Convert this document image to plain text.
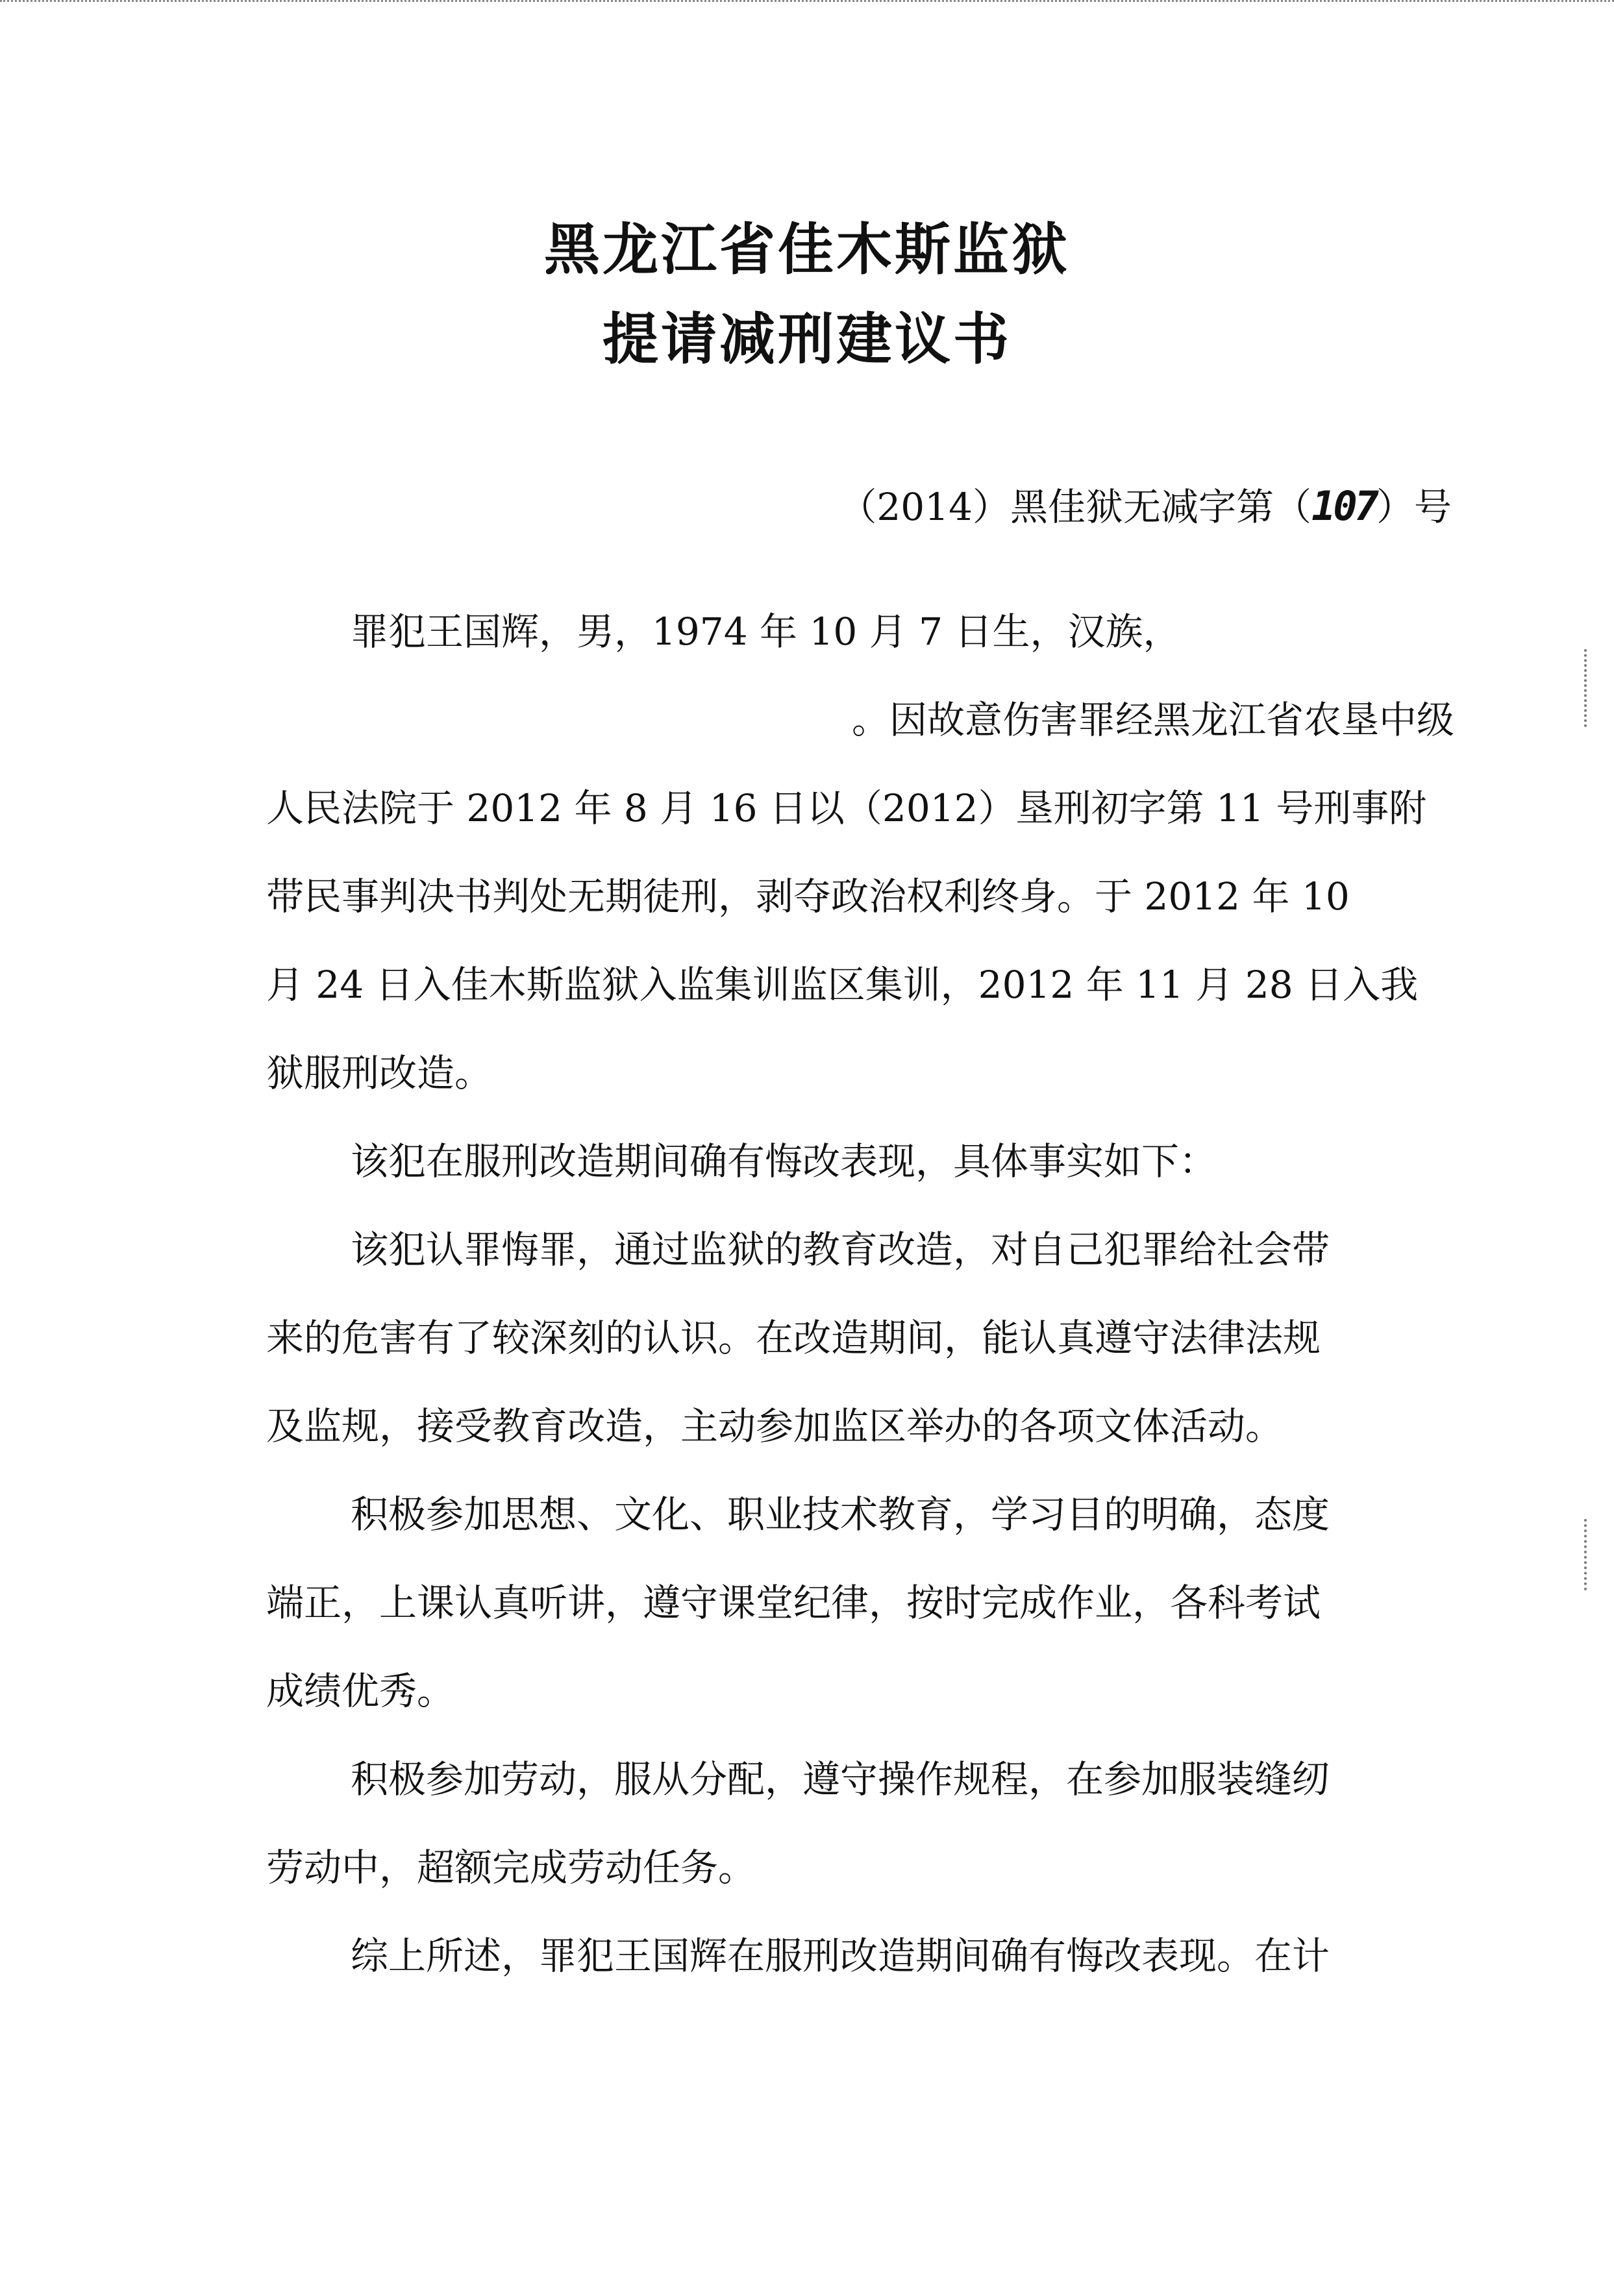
黑龙江省佳木斯监狱
提请减刑建议书
（2014）黑佳狱无减字第（107）号
罪犯王国辉，男，1974 年 10 月 7 日生，汉族，
。因故意伤害罪经黑龙江省农垦中级
人民法院于 2012 年 8 月 16 日以（2012）垦刑初字第 11 号刑事附
带民事判决书判处无期徒刑，剥夺政治权利终身。于 2012 年 10
月 24 日入佳木斯监狱入监集训监区集训，2012 年 11 月 28 日入我
狱服刑改造。
该犯在服刑改造期间确有悔改表现，具体事实如下：
该犯认罪悔罪，通过监狱的教育改造，对自己犯罪给社会带
来的危害有了较深刻的认识。在改造期间，能认真遵守法律法规
及监规，接受教育改造，主动参加监区举办的各项文体活动。
积极参加思想、文化、职业技术教育，学习目的明确，态度
端正，上课认真听讲，遵守课堂纪律，按时完成作业，各科考试
成绩优秀。
积极参加劳动，服从分配，遵守操作规程，在参加服装缝纫
劳动中，超额完成劳动任务。
综上所述，罪犯王国辉在服刑改造期间确有悔改表现。在计
